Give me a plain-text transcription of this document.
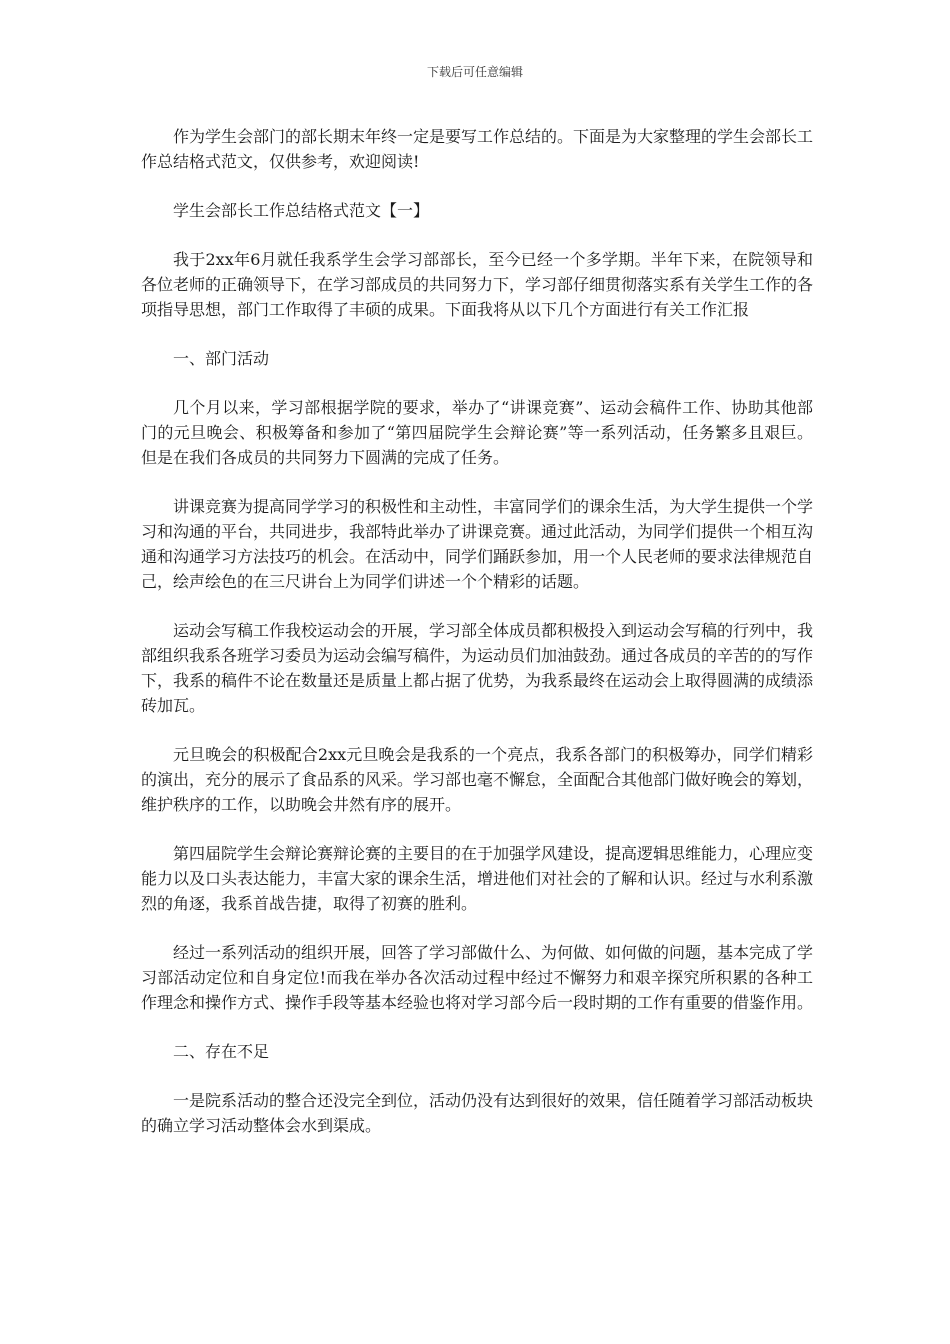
下载后可任意编辑

作为学生会部门的部长期末年终一定是要写工作总结的。下面是为大家整理的学生会部长工作总结格式范文，仅供参考，欢迎阅读!

学生会部长工作总结格式范文【一】

我于2xx年6月就任我系学生会学习部部长，至今已经一个多学期。半年下来，在院领导和各位老师的正确领导下，在学习部成员的共同努力下，学习部仔细贯彻落实系有关学生工作的各项指导思想，部门工作取得了丰硕的成果。下面我将从以下几个方面进行有关工作汇报

一、部门活动

几个月以来，学习部根据学院的要求，举办了“讲课竞赛”、运动会稿件工作、协助其他部门的元旦晚会、积极筹备和参加了“第四届院学生会辩论赛”等一系列活动，任务繁多且艰巨。但是在我们各成员的共同努力下圆满的完成了任务。

讲课竞赛为提高同学学习的积极性和主动性，丰富同学们的课余生活，为大学生提供一个学习和沟通的平台，共同进步，我部特此举办了讲课竞赛。通过此活动，为同学们提供一个相互沟通和沟通学习方法技巧的机会。在活动中，同学们踊跃参加，用一个人民老师的要求法律规范自己，绘声绘色的在三尺讲台上为同学们讲述一个个精彩的话题。

运动会写稿工作我校运动会的开展，学习部全体成员都积极投入到运动会写稿的行列中，我部组织我系各班学习委员为运动会编写稿件，为运动员们加油鼓劲。通过各成员的辛苦的的写作下，我系的稿件不论在数量还是质量上都占据了优势，为我系最终在运动会上取得圆满的成绩添砖加瓦。

元旦晚会的积极配合2xx元旦晚会是我系的一个亮点，我系各部门的积极筹办，同学们精彩的演出，充分的展示了食品系的风采。学习部也毫不懈怠，全面配合其他部门做好晚会的筹划，维护秩序的工作，以助晚会井然有序的展开。

第四届院学生会辩论赛辩论赛的主要目的在于加强学风建设，提高逻辑思维能力，心理应变能力以及口头表达能力，丰富大家的课余生活，增进他们对社会的了解和认识。经过与水利系激烈的角逐，我系首战告捷，取得了初赛的胜利。

经过一系列活动的组织开展，回答了学习部做什么、为何做、如何做的问题，基本完成了学习部活动定位和自身定位!而我在举办各次活动过程中经过不懈努力和艰辛探究所积累的各种工作理念和操作方式、操作手段等基本经验也将对学习部今后一段时期的工作有重要的借鉴作用。

二、存在不足

一是院系活动的整合还没完全到位，活动仍没有达到很好的效果，信任随着学习部活动板块的确立学习活动整体会水到渠成。
